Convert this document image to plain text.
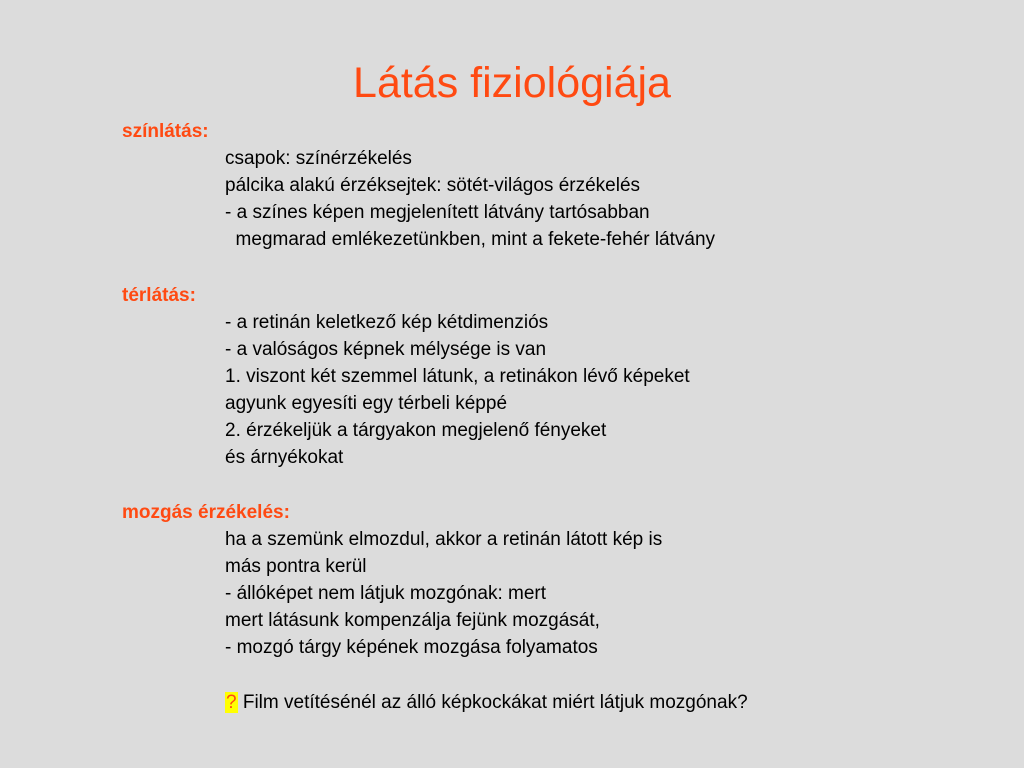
Látás fiziológiája
színlátás:
csapok: színérzékelés
pálcika alakú érzéksejtek: sötét-világos érzékelés
- a színes képen megjelenített látvány tartósabban
megmarad emlékezetünkben, mint a fekete-fehér látvány
térlátás:
- a retinán keletkező kép kétdimenziós
- a valóságos képnek mélysége is van
1. viszont két szemmel látunk, a retinákon lévő képeket
agyunk egyesíti egy térbeli képpé
2. érzékeljük a tárgyakon megjelenő fényeket
és árnyékokat
mozgás érzékelés:
ha a szemünk elmozdul, akkor a retinán látott kép is
más pontra kerül
- állóképet nem látjuk mozgónak: mert
mert látásunk kompenzálja fejünk mozgását,
- mozgó tárgy képének mozgása folyamatos
? Film vetítésénél az álló képkockákat miért látjuk mozgónak?
